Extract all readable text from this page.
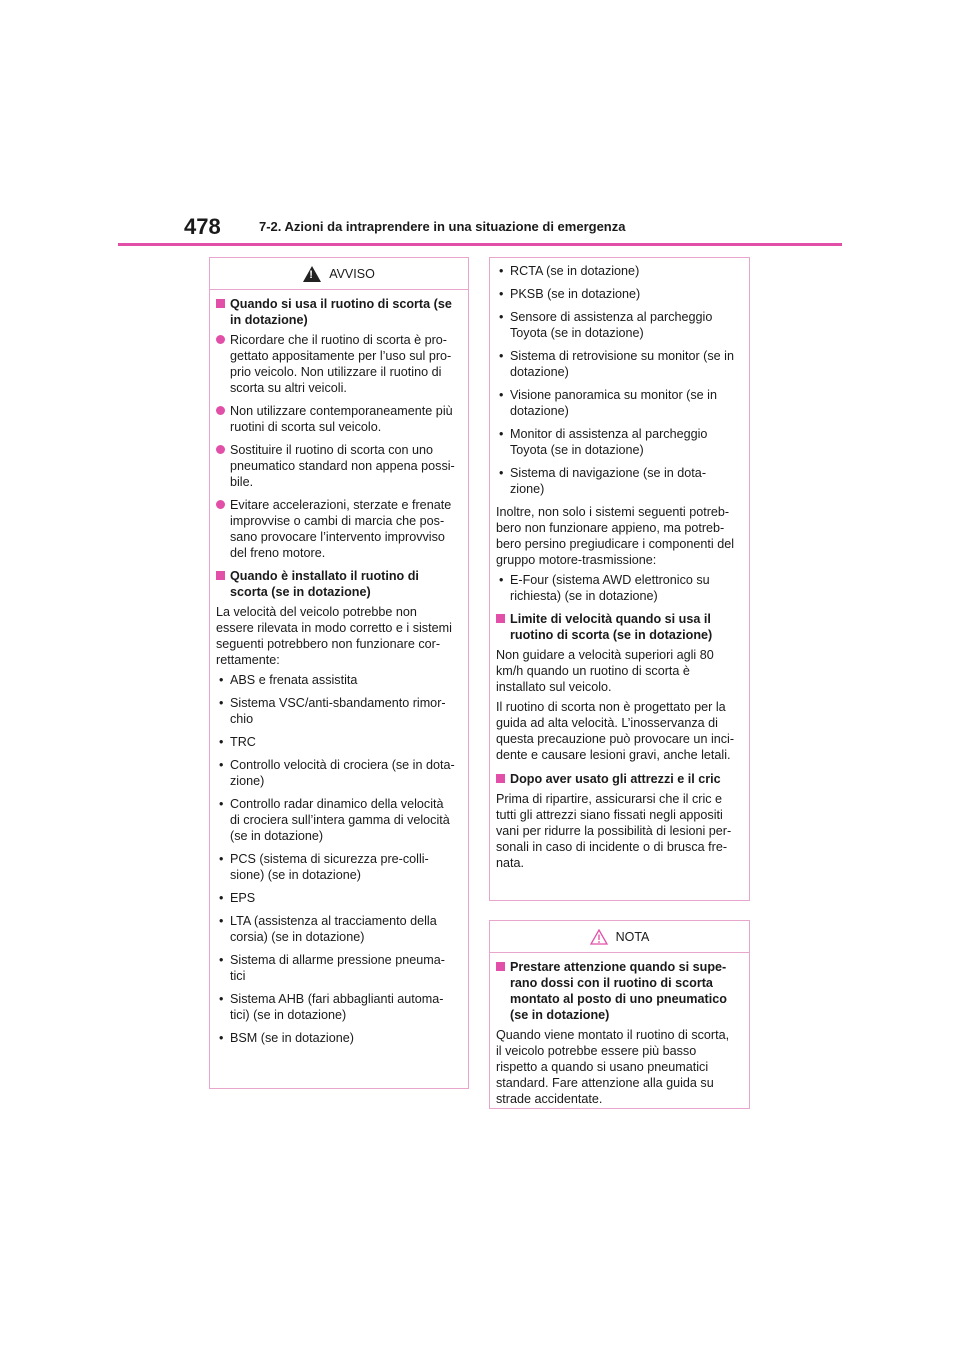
478	7-2. Azioni da intraprendere in una situazione di emergenza
!
AVVISO

Quando si usa il ruotino di scorta (se in dotazione)

Ricordare che il ruotino di scorta è pro-gettato appositamente per l’uso sul pro-prio veicolo. Non utilizzare il ruotino di scorta su altri veicoli.

Non utilizzare contemporaneamente più ruotini di scorta sul veicolo.

Sostituire il ruotino di scorta con uno pneumatico standard non appena possi-bile.

Evitare accelerazioni, sterzate e frenate improvvise o cambi di marcia che pos-sano provocare l’intervento improvviso del freno motore.

Quando è installato il ruotino di scorta (se in dotazione)

La velocità del veicolo potrebbe non essere rilevata in modo corretto e i sistemi seguenti potrebbero non funzionare cor-rettamente:

• ABS e frenata assistita

• Sistema VSC/anti-sbandamento rimor-chio

• TRC

• Controllo velocità di crociera (se in dota-zione)

• Controllo radar dinamico della velocità di crociera sull’intera gamma di velocità (se in dotazione)

• PCS (sistema di sicurezza pre-colli-sione) (se in dotazione)

• EPS

• LTA (assistenza al tracciamento della corsia) (se in dotazione)

• Sistema di allarme pressione pneuma-tici

• Sistema AHB (fari abbaglianti automa-tici) (se in dotazione)

• BSM (se in dotazione)

• RCTA (se in dotazione)

• PKSB (se in dotazione)

• Sensore di assistenza al parcheggio Toyota (se in dotazione)

• Sistema di retrovisione su monitor (se in dotazione)

• Visione panoramica su monitor (se in dotazione)

• Monitor di assistenza al parcheggio Toyota (se in dotazione)

• Sistema di navigazione (se in dota-zione)

Inoltre, non solo i sistemi seguenti potreb-bero non funzionare appieno, ma potreb-bero persino pregiudicare i componenti del gruppo motore-trasmissione:

• E-Four (sistema AWD elettronico su richiesta) (se in dotazione)

Limite di velocità quando si usa il ruotino di scorta (se in dotazione)

Non guidare a velocità superiori agli 80 km/h quando un ruotino di scorta è installato sul veicolo.

Il ruotino di scorta non è progettato per la guida ad alta velocità. L’inosservanza di questa precauzione può provocare un inci-dente e causare lesioni gravi, anche letali.

Dopo aver usato gli attrezzi e il cric

Prima di ripartire, assicurarsi che il cric e tutti gli attrezzi siano fissati negli appositi vani per ridurre la possibilità di lesioni per-sonali in caso di incidente o di brusca fre-nata.

NOTA

Prestare attenzione quando si supe-rano dossi con il ruotino di scorta montato al posto di uno pneumatico (se in dotazione)

Quando viene montato il ruotino di scorta, il veicolo potrebbe essere più basso rispetto a quando si usano pneumatici standard. Fare attenzione alla guida su strade accidentate.
